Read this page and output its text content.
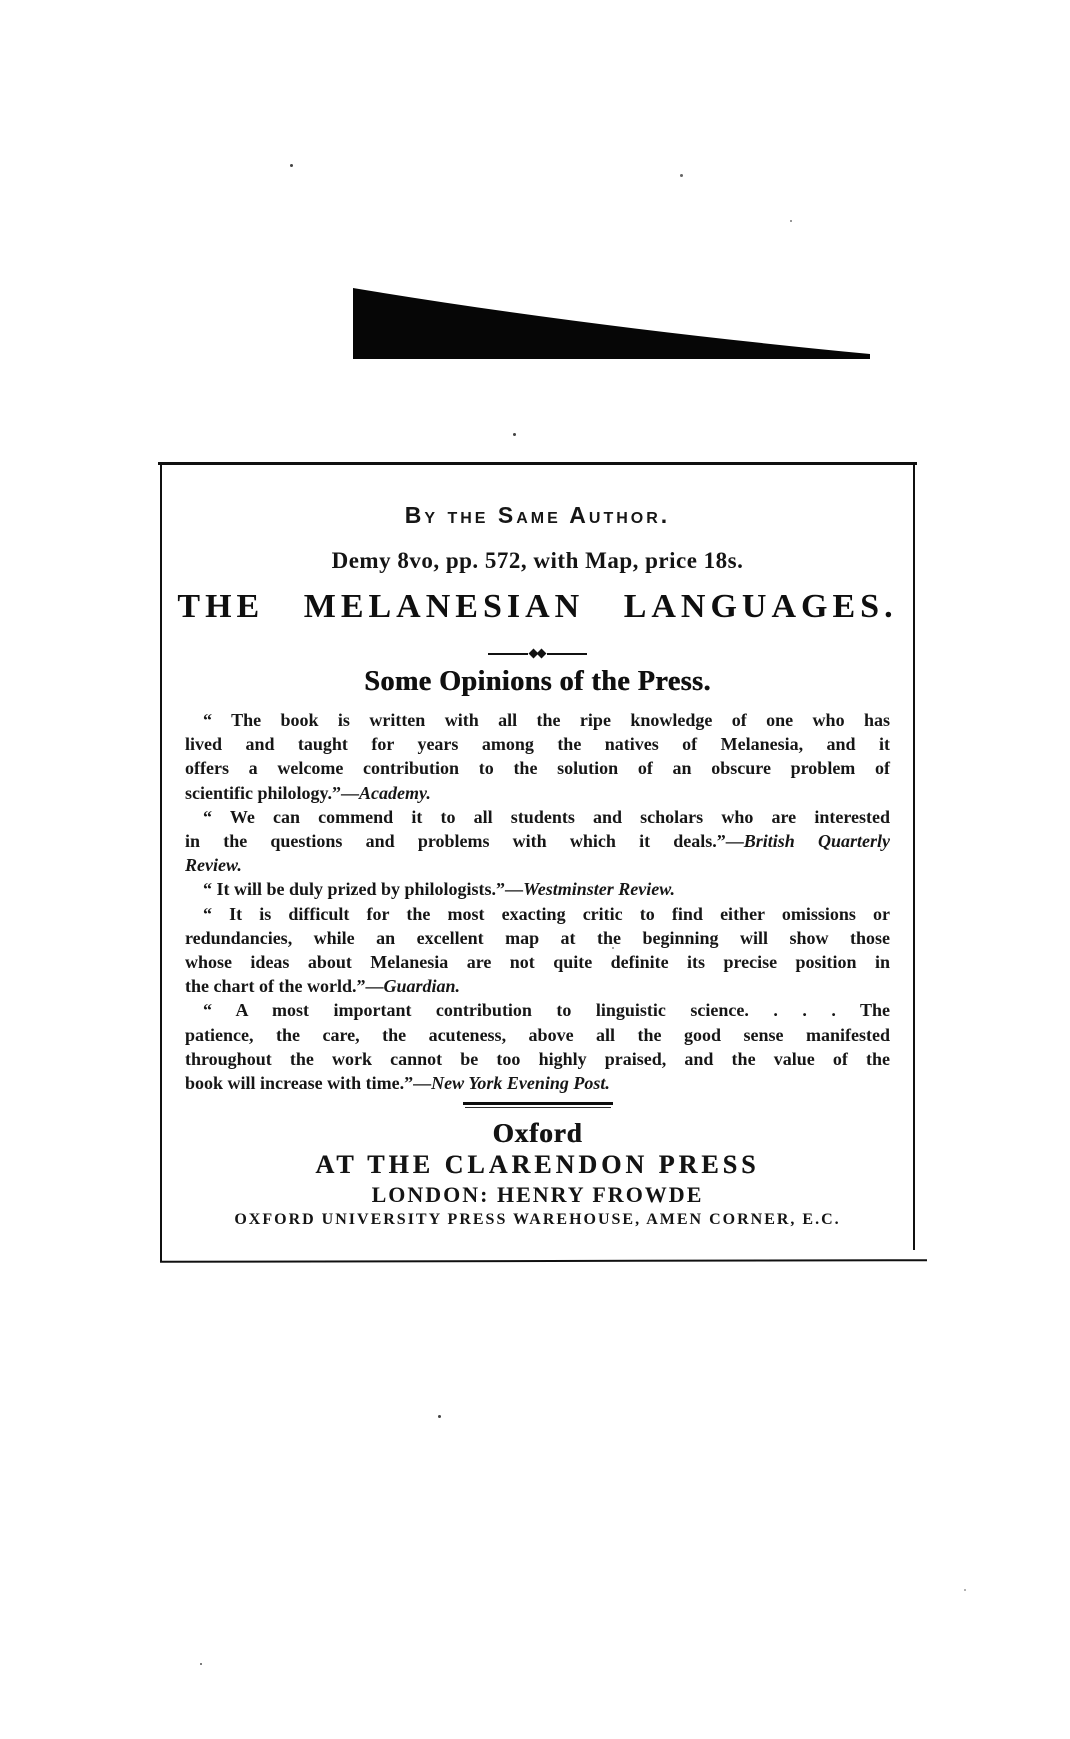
By the Same Author.
Demy 8vo, pp. 572, with Map, price 18s.
THE MELANESIAN LANGUAGES.
Some Opinions of the Press.
“ The book is written with all the ripe knowledge of one who has
lived and taught for years among the natives of Melanesia, and it
offers a welcome contribution to the solution of an obscure problem of
scientific philology.”—Academy.
“ We can commend it to all students and scholars who are interested
in the questions and problems with which it deals.”—British Quarterly
Review.
“ It will be duly prized by philologists.”—Westminster Review.
“ It is difficult for the most exacting critic to find either omissions or
redundancies, while an excellent map at the beginning will show those
whose ideas about Melanesia are not quite definite its precise position in
the chart of the world.”—Guardian.
“ A most important contribution to linguistic science. . . . The
patience, the care, the acuteness, above all the good sense manifested
throughout the work cannot be too highly praised, and the value of the
book will increase with time.”—New York Evening Post.
Oxford
AT THE CLARENDON PRESS
LONDON: HENRY FROWDE
OXFORD UNIVERSITY PRESS WAREHOUSE, AMEN CORNER, E.C.
